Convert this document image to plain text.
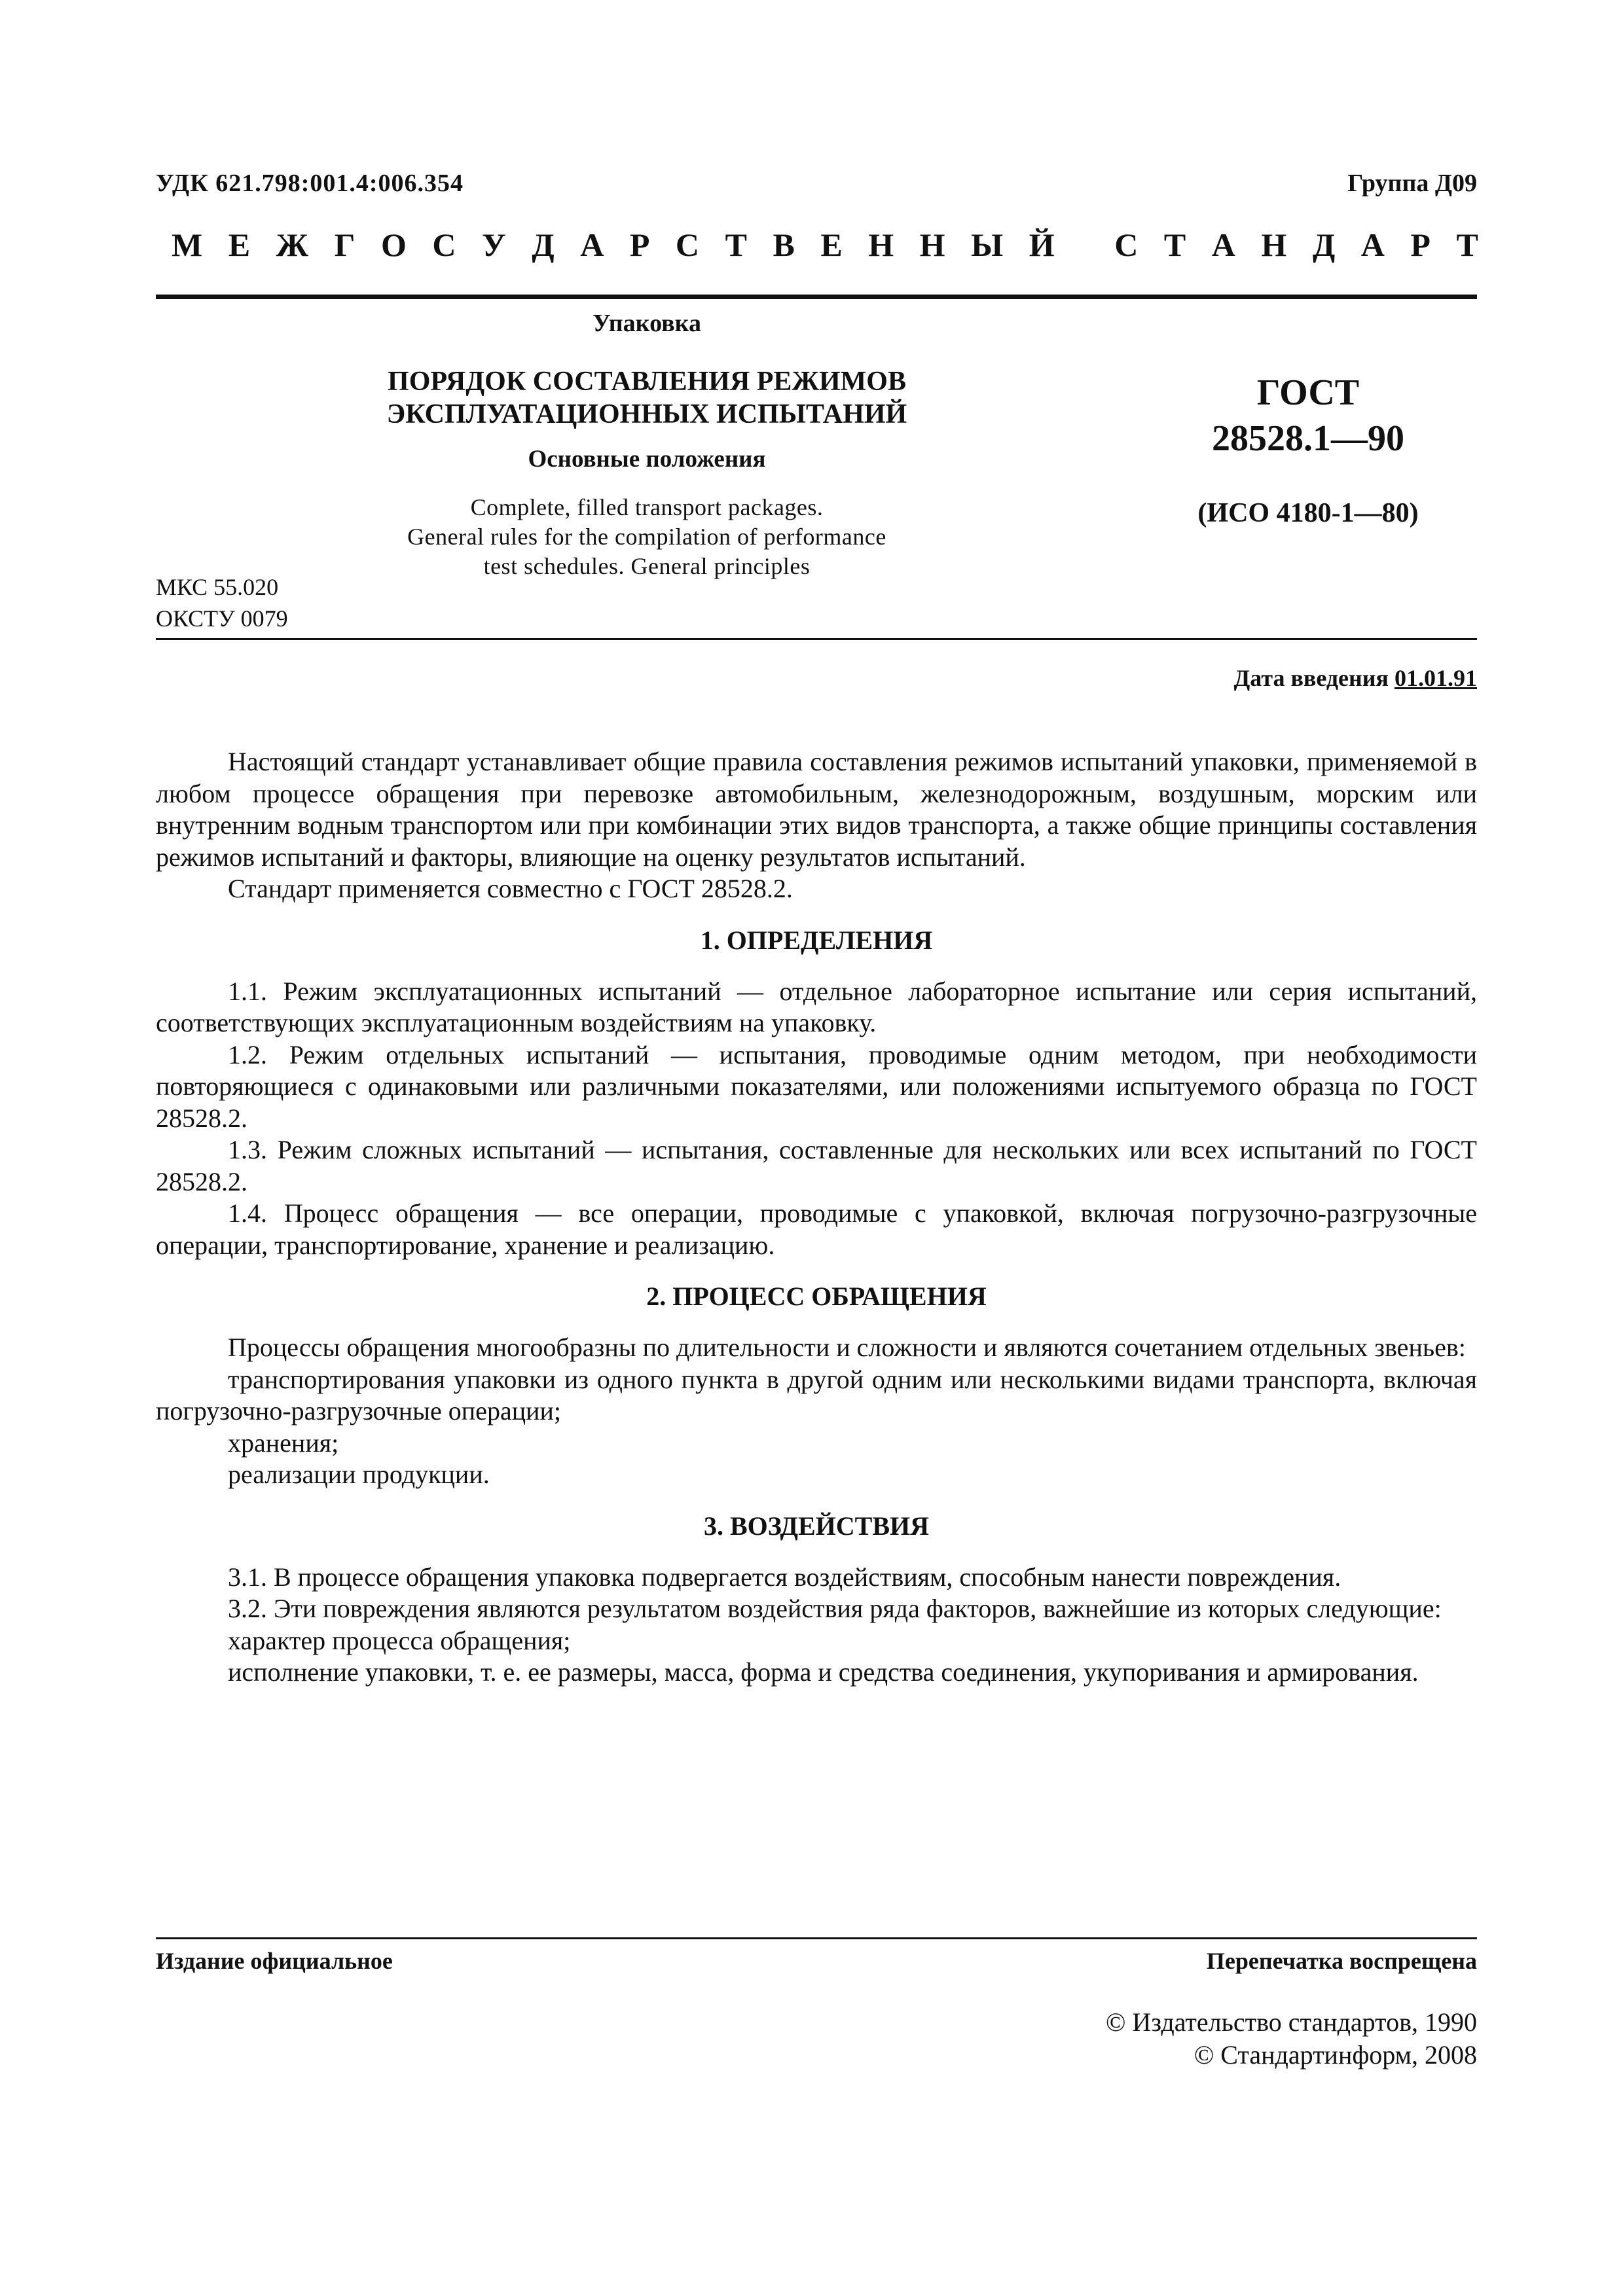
УДК 621.798:001.4:006.354	Группа Д09
М Е Ж Г О С У Д А Р С Т В Е Н Н Ы Й
С Т А Н Д А Р Т
Упаковка
ПОРЯДОК СОСТАВЛЕНИЯ РЕЖИМОВ
ЭКСПЛУАТАЦИОННЫХ ИСПЫТАНИЙ
Основные положения
Complete, filled transport packages.
General rules for the compilation of performance
test schedules. General principles
ГОСТ
28528.1—90
(ИСО 4180-1—80)
МКС 55.020
ОКСТУ 0079
Дата введения 01.01.91

Настоящий стандарт устанавливает общие правила составления режимов испытаний упаковки, применяемой в любом процессе обращения при перевозке автомобильным, железнодорожным, воздушным, морским или внутренним водным транспортом или при комбинации этих видов транспорта, а также общие принципы составления режимов испытаний и факторы, влияющие на оценку результатов испытаний.

Стандарт применяется совместно с ГОСТ 28528.2.

1. ОПРЕДЕЛЕНИЯ

1.1. Режим эксплуатационных испытаний — отдельное лабораторное испытание или серия испытаний, соответствующих эксплуатационным воздействиям на упаковку.

1.2. Режим отдельных испытаний — испытания, проводимые одним методом, при необходимости повторяющиеся с одинаковыми или различными показателями, или положениями испытуемого образца по ГОСТ 28528.2.

1.3. Режим сложных испытаний — испытания, составленные для нескольких или всех испытаний по ГОСТ 28528.2.

1.4. Процесс обращения — все операции, проводимые с упаковкой, включая погрузочно-разгрузочные операции, транспортирование, хранение и реализацию.

2. ПРОЦЕСС ОБРАЩЕНИЯ

Процессы обращения многообразны по длительности и сложности и являются сочетанием отдельных звеньев:

транспортирования упаковки из одного пункта в другой одним или несколькими видами транспорта, включая погрузочно-разгрузочные операции;

хранения;

реализации продукции.

3. ВОЗДЕЙСТВИЯ

3.1. В процессе обращения упаковка подвергается воздействиям, способным нанести повреждения.

3.2. Эти повреждения являются результатом воздействия ряда факторов, важнейшие из которых следующие:

характер процесса обращения;

исполнение упаковки, т. е. ее размеры, масса, форма и средства соединения, укупоривания и армирования.

Издание официальное	Перепечатка воспрещена
© Издательство стандартов, 1990
© Стандартинформ, 2008
